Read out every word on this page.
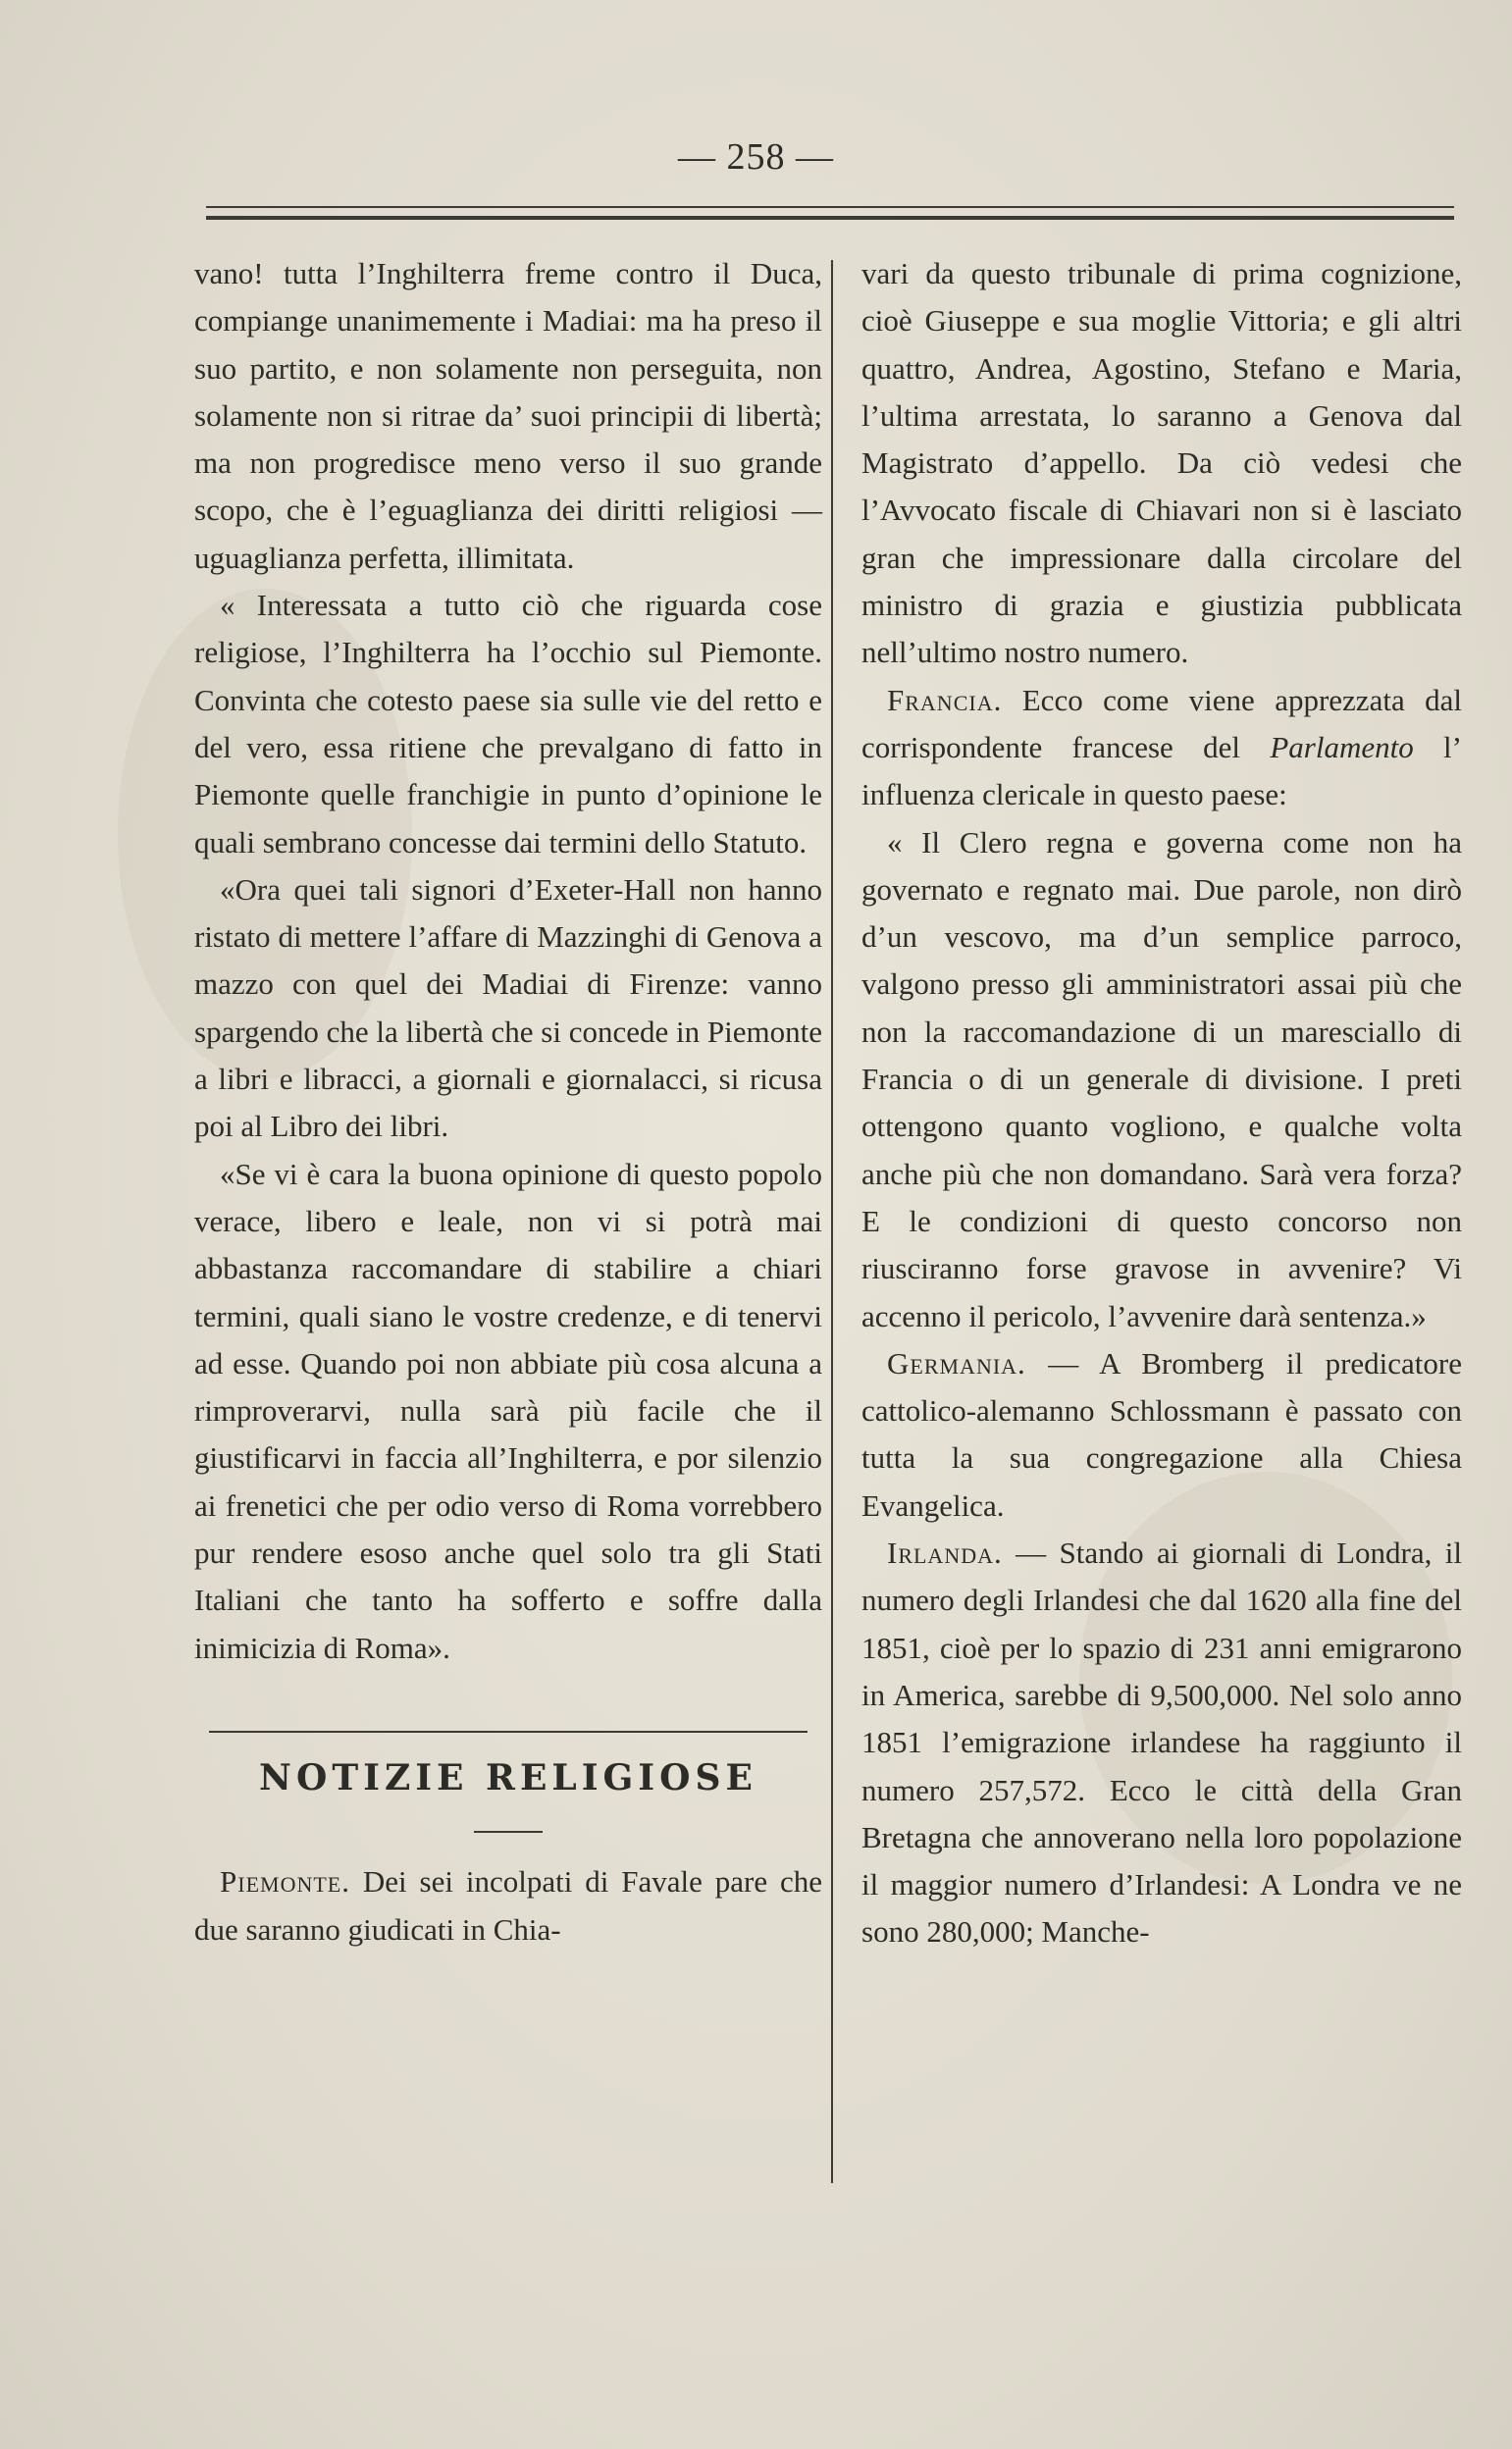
— 258 —

vano! tutta l’Inghilterra freme contro il Duca, compiange unanimemente i Madiai: ma ha preso il suo partito, e non solamente non perseguita, non solamente non si ritrae da’ suoi principii di libertà; ma non progredisce meno verso il suo grande scopo, che è l’eguaglianza dei diritti religiosi — uguaglianza perfetta, illimitata.

« Interessata a tutto ciò che riguarda cose religiose, l’Inghilterra ha l’occhio sul Piemonte. Convinta che cotesto paese sia sulle vie del retto e del vero, essa ritiene che prevalgano di fatto in Piemonte quelle franchigie in punto d’opinione le quali sembrano concesse dai termini dello Statuto.

«Ora quei tali signori d’Exeter-Hall non hanno ristato di mettere l’affare di Mazzinghi di Genova a mazzo con quel dei Madiai di Firenze: vanno spargendo che la libertà che si concede in Piemonte a libri e libracci, a giornali e giornalacci, si ricusa poi al Libro dei libri.

«Se vi è cara la buona opinione di questo popolo verace, libero e leale, non vi si potrà mai abbastanza raccomandare di stabilire a chiari termini, quali siano le vostre credenze, e di tenervi ad esse. Quando poi non abbiate più cosa alcuna a rimproverarvi, nulla sarà più facile che il giustificarvi in faccia all’Inghilterra, e por silenzio ai frenetici che per odio verso di Roma vorrebbero pur rendere esoso anche quel solo tra gli Stati Italiani che tanto ha sofferto e soffre dalla inimicizia di Roma».

NOTIZIE RELIGIOSE

Piemonte. Dei sei incolpati di Favale pare che due saranno giudicati in Chia-

vari da questo tribunale di prima cognizione, cioè Giuseppe e sua moglie Vittoria; e gli altri quattro, Andrea, Agostino, Stefano e Maria, l’ultima arrestata, lo saranno a Genova dal Magistrato d’appello. Da ciò vedesi che l’Avvocato fiscale di Chiavari non si è lasciato gran che impressionare dalla circolare del ministro di grazia e giustizia pubblicata nell’ultimo nostro numero.

Francia. Ecco come viene apprezzata dal corrispondente francese del Parlamento l’ influenza clericale in questo paese:

« Il Clero regna e governa come non ha governato e regnato mai. Due parole, non dirò d’un vescovo, ma d’un semplice parroco, valgono presso gli amministratori assai più che non la raccomandazione di un maresciallo di Francia o di un generale di divisione. I preti ottengono quanto vogliono, e qualche volta anche più che non domandano. Sarà vera forza? E le condizioni di questo concorso non riusciranno forse gravose in avvenire? Vi accenno il pericolo, l’avvenire darà sentenza.»

Germania. — A Bromberg il predicatore cattolico-alemanno Schlossmann è passato con tutta la sua congregazione alla Chiesa Evangelica.

Irlanda. — Stando ai giornali di Londra, il numero degli Irlandesi che dal 1620 alla fine del 1851, cioè per lo spazio di 231 anni emigrarono in America, sarebbe di 9,500,000. Nel solo anno 1851 l’emigrazione irlandese ha raggiunto il numero 257,572. Ecco le città della Gran Bretagna che annoverano nella loro popolazione il maggior numero d’Irlandesi: A Londra ve ne sono 280,000; Manche-
